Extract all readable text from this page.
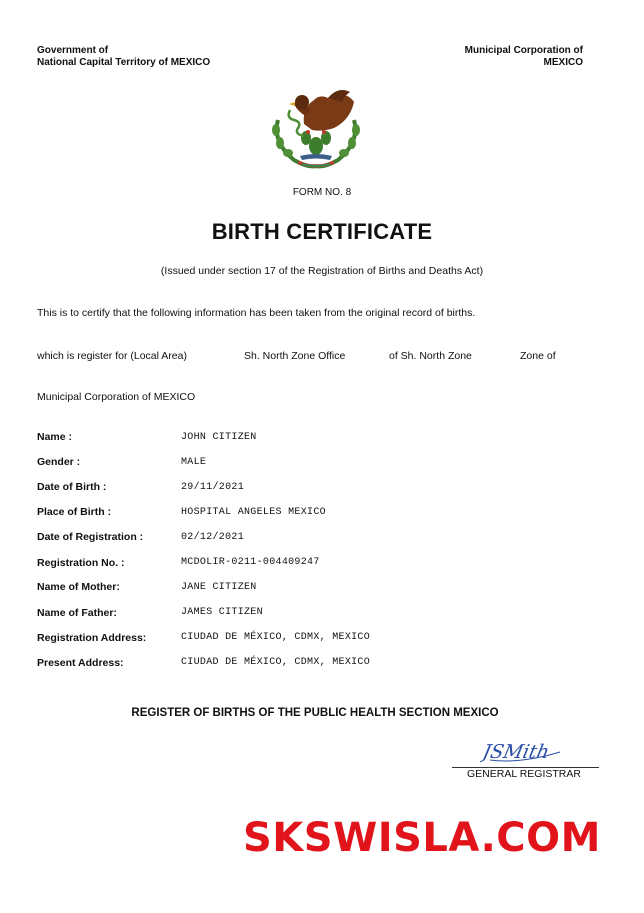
Government of
National Capital Territory of MEXICO
Municipal Corporation of
MEXICO
FORM NO. 8
BIRTH CERTIFICATE
(Issued under section 17 of the Registration of Births and Deaths Act)
This is to certify that the following information has been taken from the original record of births.
which is register for (Local Area)	Sh. North Zone Office	of Sh. North Zone	Zone of
Municipal Corporation of MEXICO
Name :	JOHN CITIZEN
Gender :	MALE
Date of Birth :	29/11/2021
Place of Birth :	HOSPITAL ANGELES MEXICO
Date of Registration :	02/12/2021
Registration No. :	MCDOLIR-0211-004409247
Name of Mother:	JANE CITIZEN
Name of Father:	JAMES CITIZEN
Registration Address:	CIUDAD DE MÉXICO, CDMX, MEXICO
Present Address:	CIUDAD DE MÉXICO, CDMX, MEXICO
REGISTER OF BIRTHS OF THE PUBLIC HEALTH SECTION MEXICO
JSMith
GENERAL REGISTRAR
SKSWISLA.COM
